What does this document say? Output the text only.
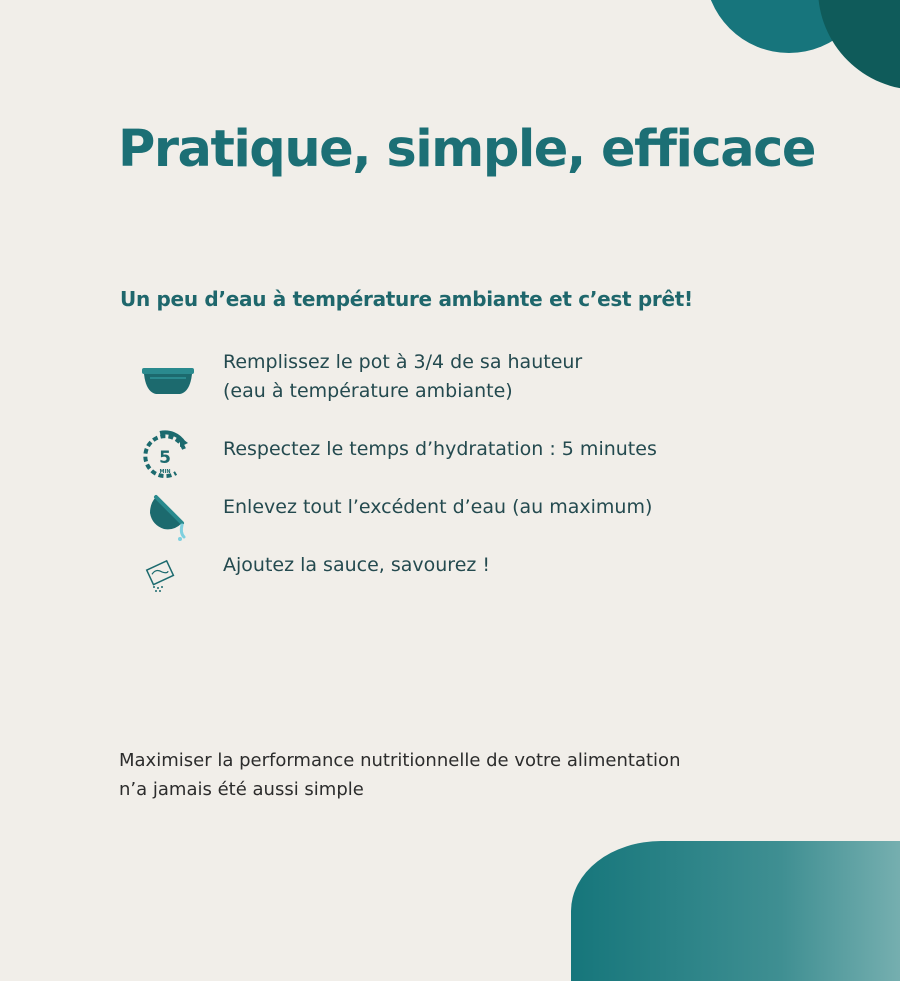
Pratique, simple, efficace
Un peu d’eau à température ambiante et c’est prêt!
Remplissez le pot à 3/4 de sa hauteur
(eau à température ambiante)
5
MIN
Respectez le temps d’hydratation : 5 minutes
Enlevez tout l’excédent d’eau (au maximum)
Ajoutez la sauce, savourez !
Maximiser la performance nutritionnelle de votre alimentation
n’a jamais été aussi simple
